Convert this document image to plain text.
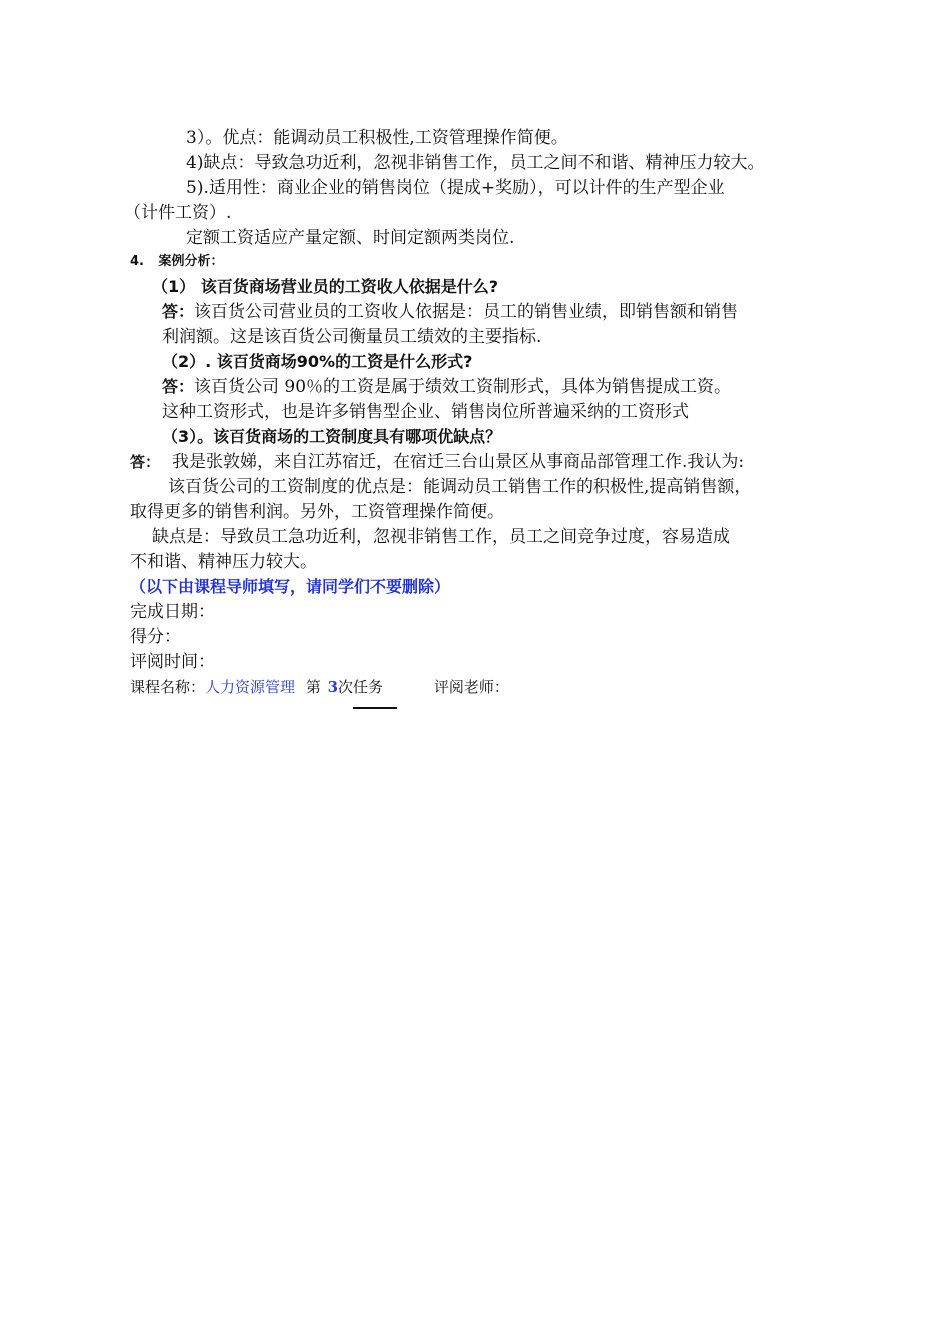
3）。优点：能调动员工积极性,工资管理操作简便。
4)缺点：导致急功近利，忽视非销售工作，员工之间不和谐、精神压力较大。
5).适用性：商业企业的销售岗位（提成+奖励），可以计件的生产型企业
（计件工资）.
定额工资适应产量定额、时间定额两类岗位.
4. 案例分析：
（1） 该百货商场营业员的工资收人依据是什么?
答：该百货公司营业员的工资收人依据是：员工的销售业绩，即销售额和销售
利润额。这是该百货公司衡量员工绩效的主要指标.
（2）. 该百货商场90%的工资是什么形式?
答：该百货公司 90％的工资是属于绩效工资制形式，具体为销售提成工资。
这种工资形式，也是许多销售型企业、销售岗位所普遍采纳的工资形式
（3）。该百货商场的工资制度具有哪项优缺点？
答： 我是张敦娣，来自江苏宿迁，在宿迁三台山景区从事商品部管理工作.我认为:
该百货公司的工资制度的优点是：能调动员工销售工作的积极性,提高销售额，
取得更多的销售利润。另外，工资管理操作简便。
缺点是：导致员工急功近利，忽视非销售工作，员工之间竞争过度，容易造成
不和谐、精神压力较大。
（以下由课程导师填写，请同学们不要删除）
完成日期：
得分：
评阅时间：
课程名称：人力资源管理 第 3次任务	评阅老师：
